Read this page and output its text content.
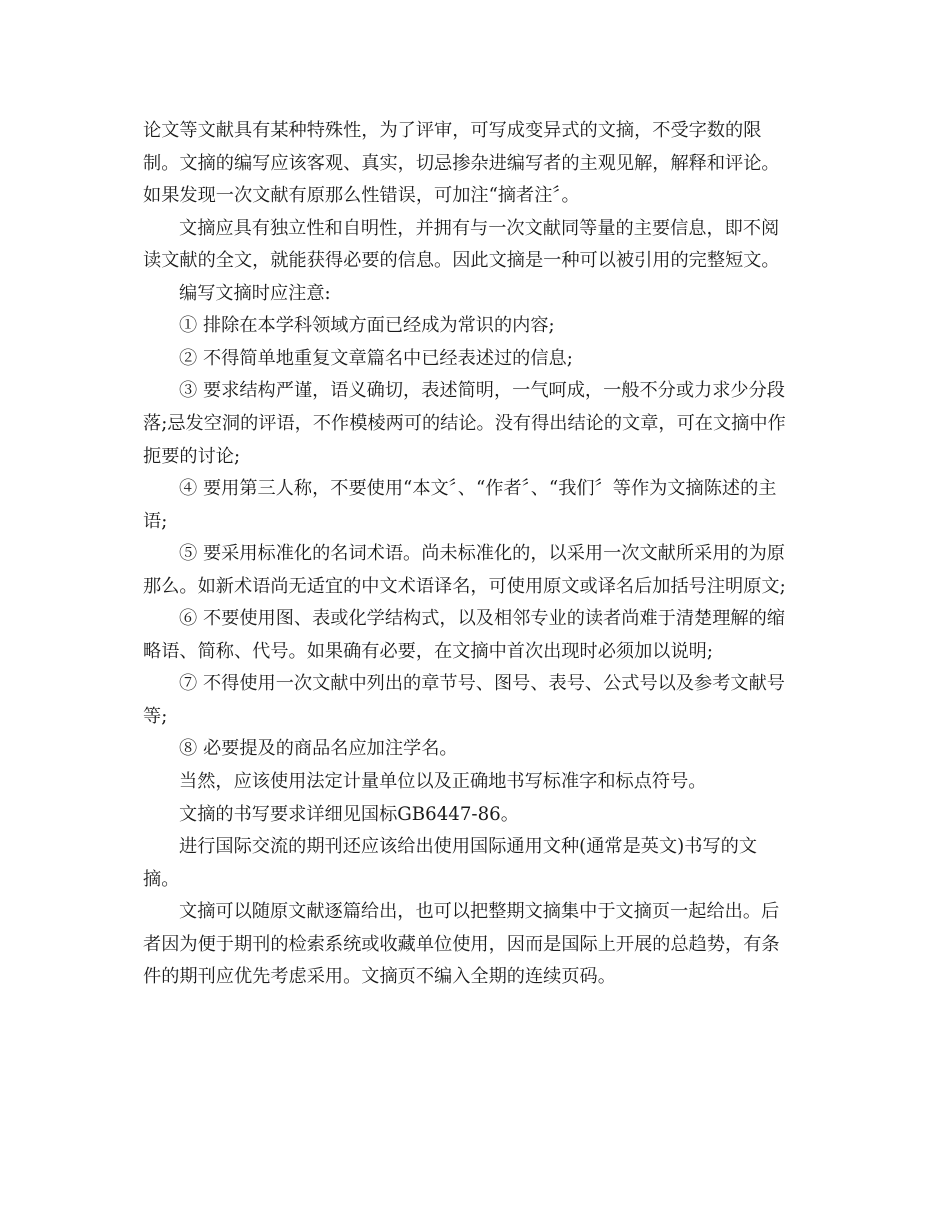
论文等文献具有某种特殊性，为了评审，可写成变异式的文摘，不受字数的限
制。文摘的编写应该客观、真实，切忌掺杂进编写者的主观见解，解释和评论。
如果发现一次文献有原那么性错误，可加注“摘者注〞。
文摘应具有独立性和自明性，并拥有与一次文献同等量的主要信息，即不阅
读文献的全文，就能获得必要的信息。因此文摘是一种可以被引用的完整短文。
编写文摘时应注意:
① 排除在本学科领域方面已经成为常识的内容;
② 不得简单地重复文章篇名中已经表述过的信息;
③ 要求结构严谨，语义确切，表述简明，一气呵成，一般不分或力求少分段
落;忌发空洞的评语，不作模棱两可的结论。没有得出结论的文章，可在文摘中作
扼要的讨论;
④ 要用第三人称，不要使用“本文〞、“作者〞、“我们〞等作为文摘陈述的主
语;
⑤ 要采用标准化的名词术语。尚未标准化的，以采用一次文献所采用的为原
那么。如新术语尚无适宜的中文术语译名，可使用原文或译名后加括号注明原文;
⑥ 不要使用图、表或化学结构式，以及相邻专业的读者尚难于清楚理解的缩
略语、简称、代号。如果确有必要，在文摘中首次出现时必须加以说明;
⑦ 不得使用一次文献中列出的章节号、图号、表号、公式号以及参考文献号
等;
⑧ 必要提及的商品名应加注学名。
当然，应该使用法定计量单位以及正确地书写标准字和标点符号。
文摘的书写要求详细见国标GB6447-86。
进行国际交流的期刊还应该给出使用国际通用文种(通常是英文)书写的文
摘。
文摘可以随原文献逐篇给出，也可以把整期文摘集中于文摘页一起给出。后
者因为便于期刊的检索系统或收藏单位使用，因而是国际上开展的总趋势，有条
件的期刊应优先考虑采用。文摘页不编入全期的连续页码。
